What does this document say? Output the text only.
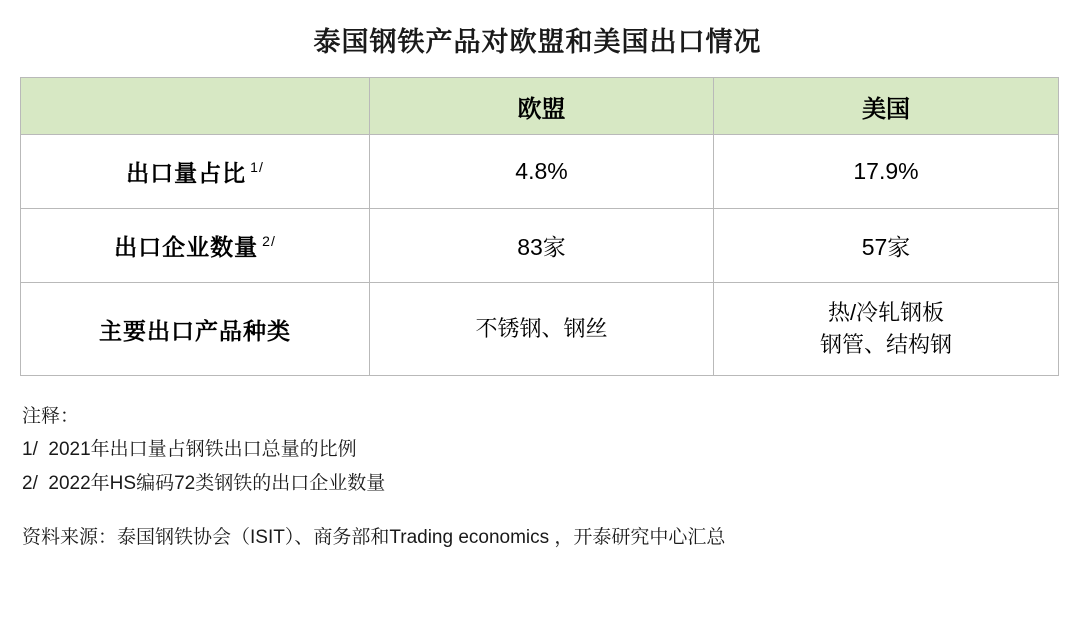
泰国钢铁产品对欧盟和美国出口情况
	欧盟	美国
出口量占比 $^{1/}$	4.8%	17.9%
出口企业数量 $^{2/}$	83家	57家
主要出口产品种类	不锈钢、钢丝	热/冷轧钢板
钢管、结构钢
注释：
1/  2021年出口量占钢铁出口总量的比例
2/  2022年HS编码72类钢铁的出口企业数量
资料来源：泰国钢铁协会（ISIT）、商务部和Trading economics ，开泰研究中心汇总
